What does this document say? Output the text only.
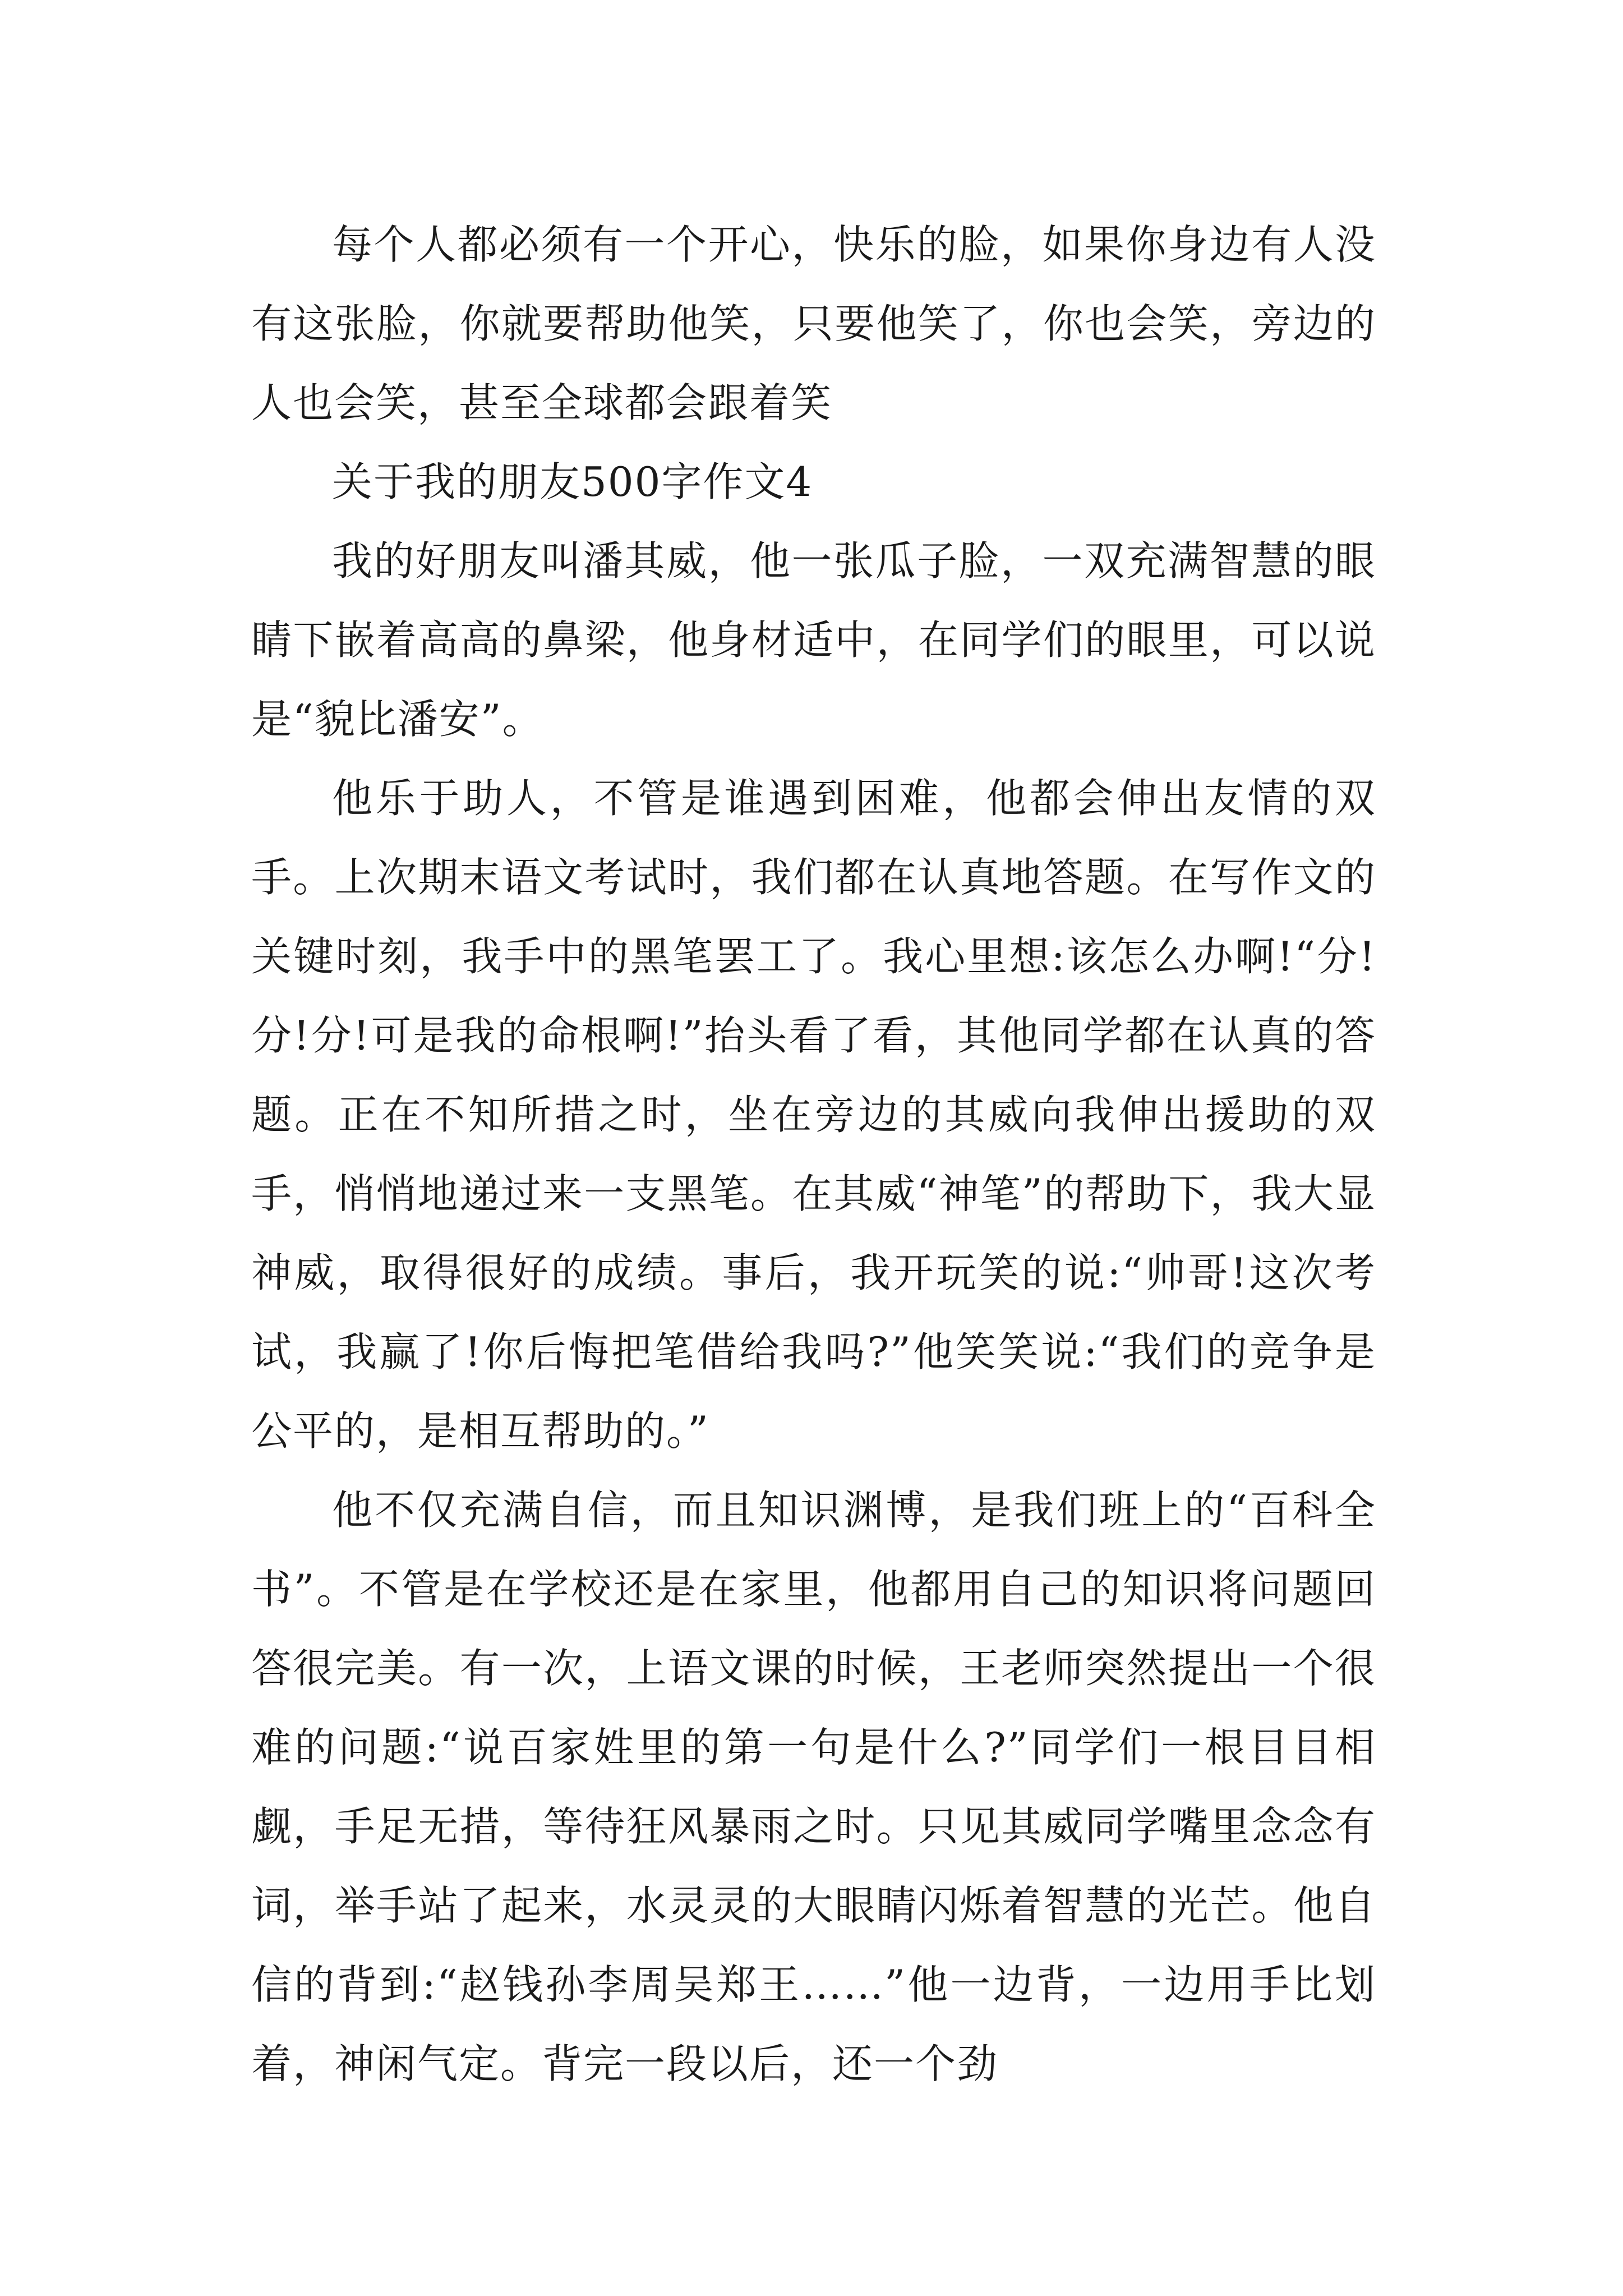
每个人都必须有一个开心，快乐的脸，如果你身边有人没有这张脸，你就要帮助他笑，只要他笑了，你也会笑，旁边的人也会笑，甚至全球都会跟着笑

关于我的朋友500字作文4

我的好朋友叫潘其威，他一张瓜子脸，一双充满智慧的眼睛下嵌着高高的鼻梁，他身材适中，在同学们的眼里，可以说是“貌比潘安”。

他乐于助人，不管是谁遇到困难，他都会伸出友情的双手。上次期末语文考试时，我们都在认真地答题。在写作文的关键时刻，我手中的黑笔罢工了。我心里想:该怎么办啊!“分!分!分!可是我的命根啊!”抬头看了看，其他同学都在认真的答题。正在不知所措之时，坐在旁边的其威向我伸出援助的双手，悄悄地递过来一支黑笔。在其威“神笔”的帮助下，我大显神威，取得很好的成绩。事后，我开玩笑的说:“帅哥!这次考试，我赢了!你后悔把笔借给我吗?”他笑笑说:“我们的竞争是公平的，是相互帮助的。”

他不仅充满自信，而且知识渊博，是我们班上的“百科全书”。不管是在学校还是在家里，他都用自己的知识将问题回答很完美。有一次，上语文课的时候，王老师突然提出一个很难的问题:“说百家姓里的第一句是什么?”同学们一根目目相觑，手足无措，等待狂风暴雨之时。只见其威同学嘴里念念有词，举手站了起来，水灵灵的大眼睛闪烁着智慧的光芒。他自信的背到:“赵钱孙李周吴郑王……”他一边背，一边用手比划着，神闲气定。背完一段以后，还一个劲
